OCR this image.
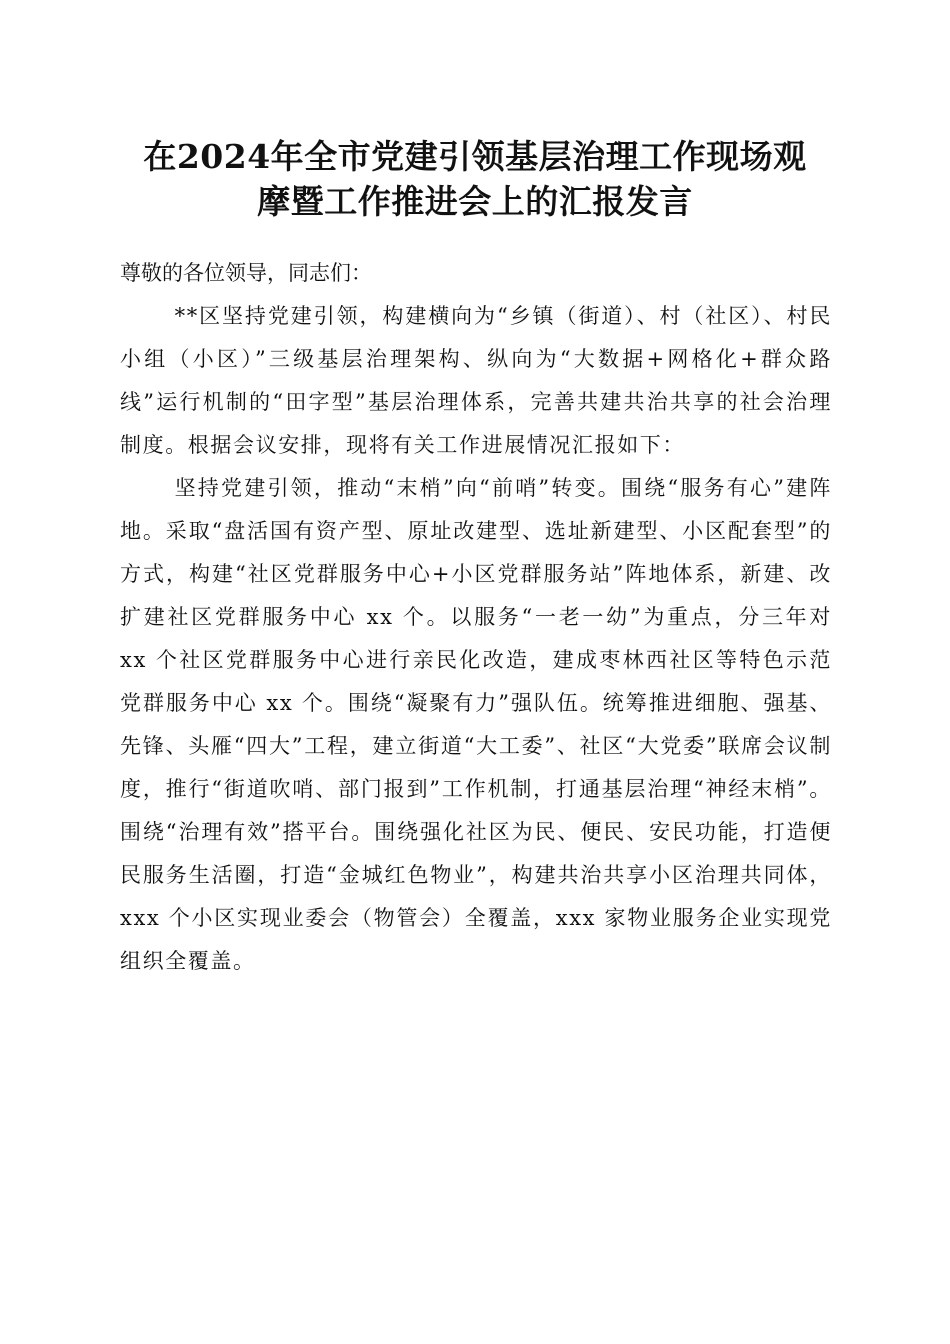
在2024年全市党建引领基层治理工作现场观
摩暨工作推进会上的汇报发言

尊敬的各位领导，同志们：

**区坚持党建引领，构建横向为“乡镇（街道）、村（社区）、村民小组（小区）”三级基层治理架构、纵向为“大数据+网格化+群众路线”运行机制的“田字型”基层治理体系，完善共建共治共享的社会治理制度。根据会议安排，现将有关工作进展情况汇报如下：

坚持党建引领，推动“末梢”向“前哨”转变。围绕“服务有心”建阵地。采取“盘活国有资产型、原址改建型、选址新建型、小区配套型”的方式，构建“社区党群服务中心+小区党群服务站”阵地体系，新建、改扩建社区党群服务中心 xx 个。以服务“一老一幼”为重点，分三年对 xx 个社区党群服务中心进行亲民化改造，建成枣林西社区等特色示范党群服务中心 xx 个。围绕“凝聚有力”强队伍。统筹推进细胞、强基、先锋、头雁“四大”工程，建立街道“大工委”、社区“大党委”联席会议制度，推行“街道吹哨、部门报到”工作机制，打通基层治理“神经末梢”。围绕“治理有效”搭平台。围绕强化社区为民、便民、安民功能，打造便民服务生活圈，打造“金城红色物业”，构建共治共享小区治理共同体，xxx 个小区实现业委会（物管会）全覆盖，xxx 家物业服务企业实现党组织全覆盖。
